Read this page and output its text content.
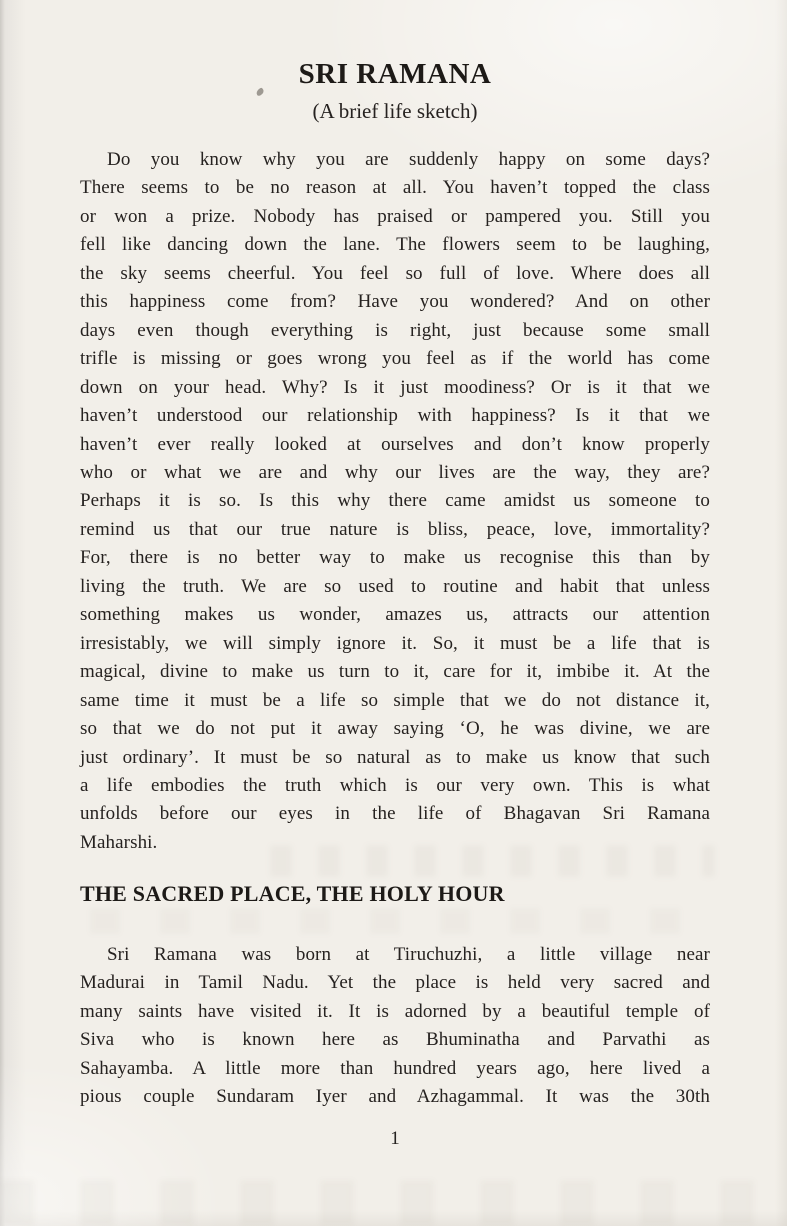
SRI RAMANA
(A brief life sketch)
Do you know why you are suddenly happy on some days?
There seems to be no reason at all. You haven’t topped the class
or won a prize. Nobody has praised or pampered you. Still you
fell like dancing down the lane. The flowers seem to be laughing,
the sky seems cheerful. You feel so full of love. Where does all
this happiness come from? Have you wondered? And on other
days even though everything is right, just because some small
trifle is missing or goes wrong you feel as if the world has come
down on your head. Why? Is it just moodiness? Or is it that we
haven’t understood our relationship with happiness? Is it that we
haven’t ever really looked at ourselves and don’t know properly
who or what we are and why our lives are the way, they are?
Perhaps it is so. Is this why there came amidst us someone to
remind us that our true nature is bliss, peace, love, immortality?
For, there is no better way to make us recognise this than by
living the truth. We are so used to routine and habit that unless
something makes us wonder, amazes us, attracts our attention
irresistably, we will simply ignore it. So, it must be a life that is
magical, divine to make us turn to it, care for it, imbibe it. At the
same time it must be a life so simple that we do not distance it,
so that we do not put it away saying ‘O, he was divine, we are
just ordinary’. It must be so natural as to make us know that such
a life embodies the truth which is our very own. This is what
unfolds before our eyes in the life of Bhagavan Sri Ramana
Maharshi.
THE SACRED PLACE, THE HOLY HOUR
Sri Ramana was born at Tiruchuzhi, a little village near
Madurai in Tamil Nadu. Yet the place is held very sacred and
many saints have visited it. It is adorned by a beautiful temple of
Siva who is known here as Bhuminatha and Parvathi as
Sahayamba. A little more than hundred years ago, here lived a
pious couple Sundaram Iyer and Azhagammal. It was the 30th
1
